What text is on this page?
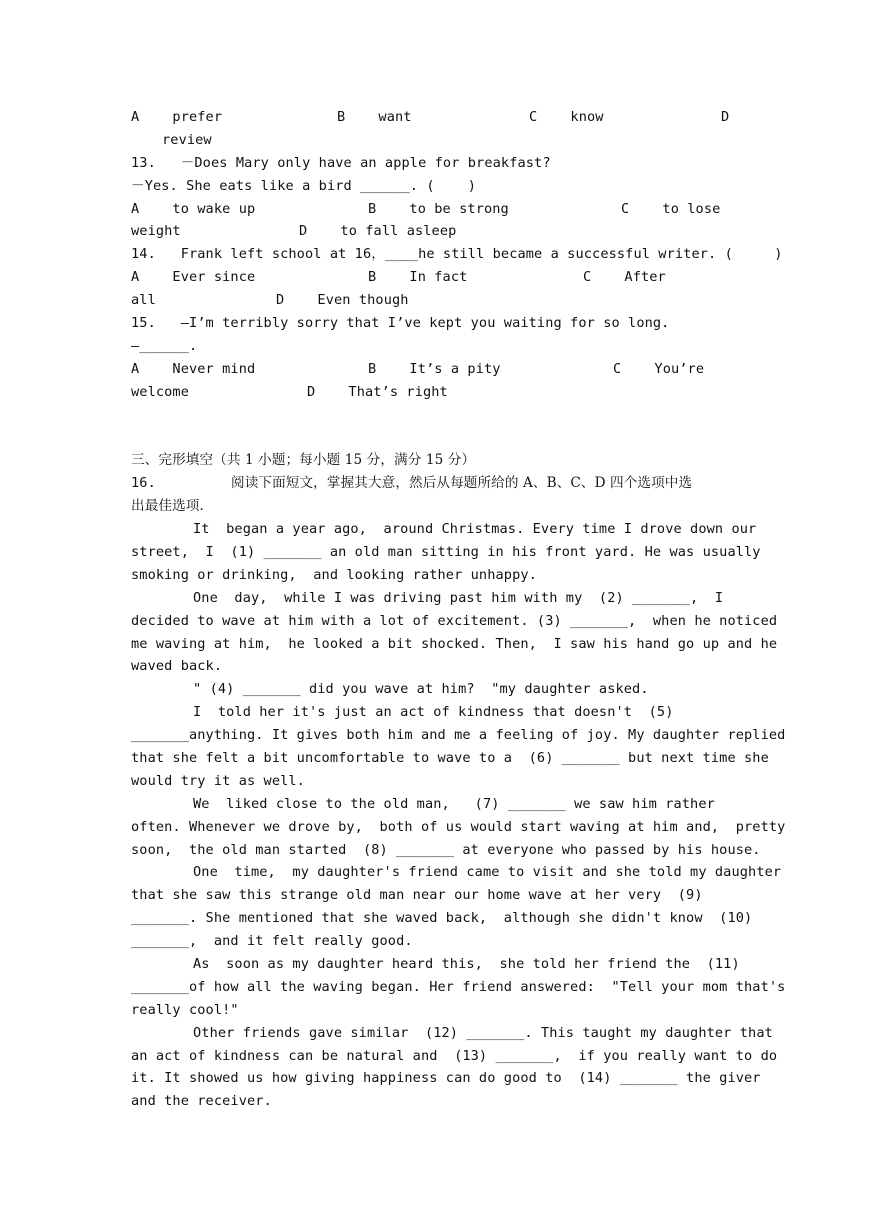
A    prefer

	B    want

	C    know

	D

review
13.   －Does Mary only have an apple for breakfast?
－Yes. She eats like a bird ______. (    )

A    to wake up

	B    to be strong

	C    to lose

weight

	D    to fall asleep

14.   Frank left school at 16，____he still became a successful writer. (     )

A    Ever since

	B    In fact

	C    After

all

	D    Even though

15.   —I’m terribly sorry that I’ve kept you waiting for so long.
—______.

A    Never mind

	B    It’s a pity

	C    You’re

welcome

	D    That’s right

三、完形填空（共 1 小题；每小题 15 分，满分 15 分）

16.

	阅读下面短文，掌握其大意，然后从每题所给的 A、B、C、D 四个选项中选

出最佳选项.
It  began a year ago,  around Christmas. Every time I drove down our
street,  I  (1) _______ an old man sitting in his front yard. He was usually
smoking or drinking,  and looking rather unhappy.
One  day,  while I was driving past him with my  (2) _______,  I
decided to wave at him with a lot of excitement. (3) _______,  when he noticed
me waving at him,  he looked a bit shocked. Then,  I saw his hand go up and he
waved back.
" (4) _______ did you wave at him?  "my daughter asked.
I  told her it's just an act of kindness that doesn't  (5)
_______anything. It gives both him and me a feeling of joy. My daughter replied
that she felt a bit uncomfortable to wave to a  (6) _______ but next time she
would try it as well.
We  liked close to the old man,   (7) _______ we saw him rather
often. Whenever we drove by,  both of us would start waving at him and,  pretty
soon,  the old man started  (8) _______ at everyone who passed by his house.
One  time,  my daughter's friend came to visit and she told my daughter
that she saw this strange old man near our home wave at her very  (9)
_______. She mentioned that she waved back,  although she didn't know  (10)
_______,  and it felt really good.
As  soon as my daughter heard this,  she told her friend the  (11)
_______of how all the waving began. Her friend answered:  "Tell your mom that's
really cool!"
Other friends gave similar  (12) _______. This taught my daughter that
an act of kindness can be natural and  (13) _______,  if you really want to do
it. It showed us how giving happiness can do good to  (14) _______ the giver
and the receiver.
